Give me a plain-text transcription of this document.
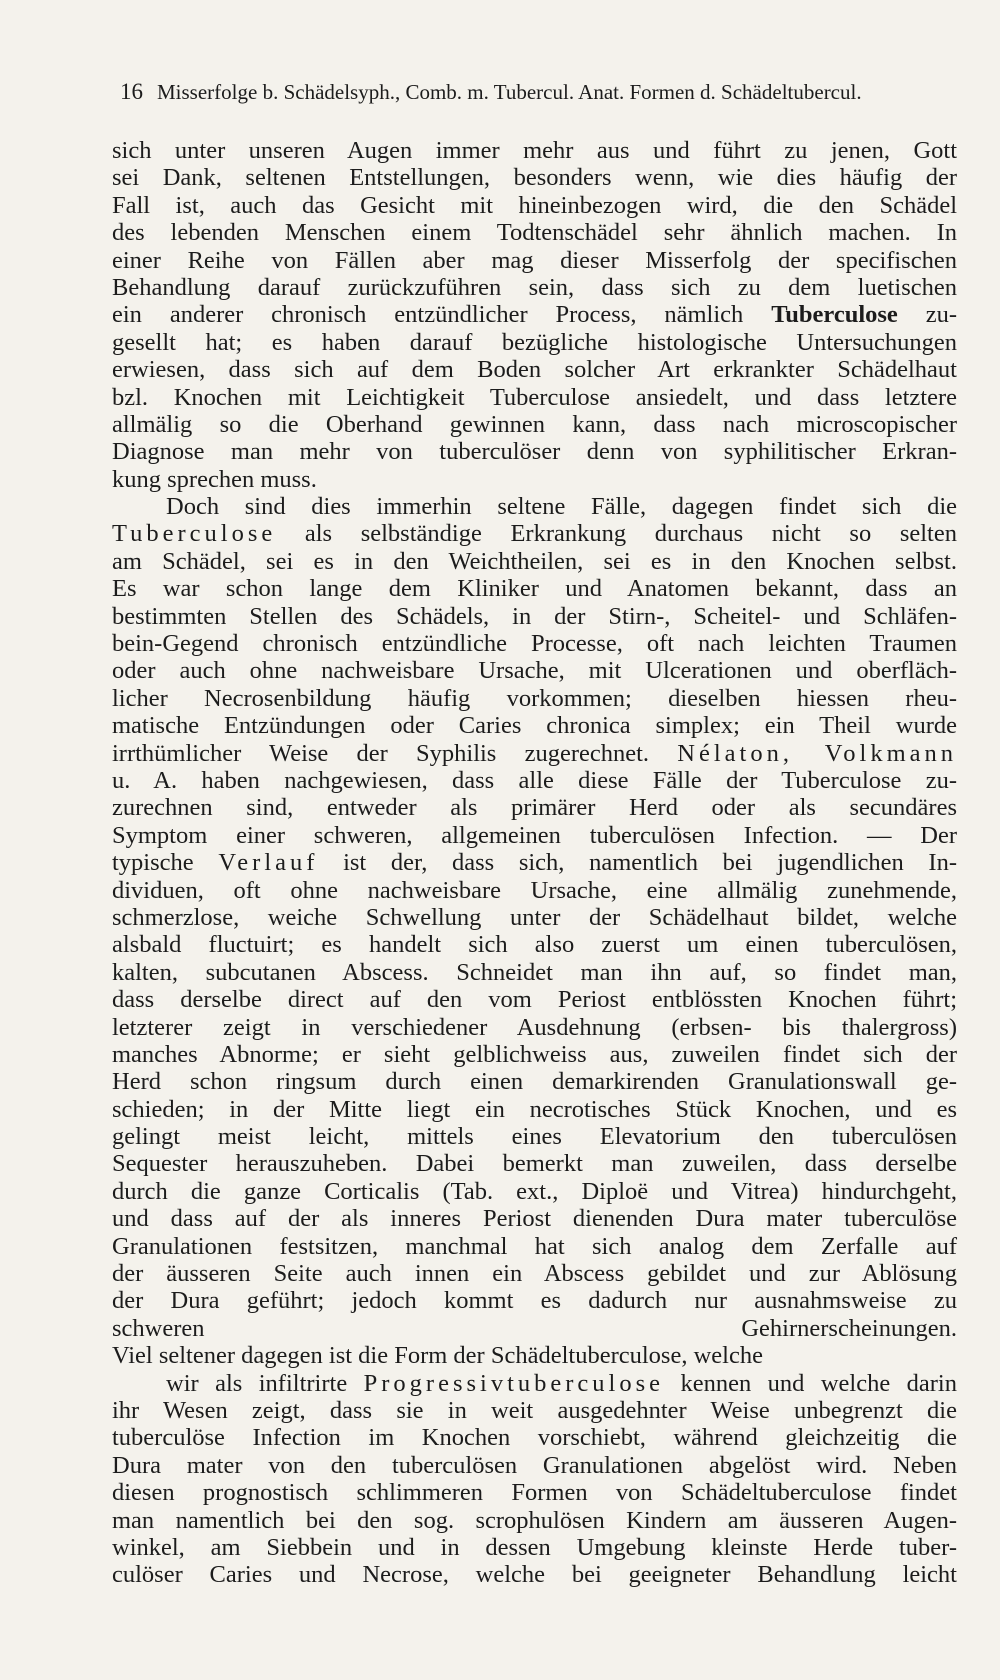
16 Misserfolge b. Schädelsyph., Comb. m. Tubercul. Anat. Formen d. Schädeltubercul.
sich unter unseren Augen immer mehr aus und führt zu jenen, Gott
sei Dank, seltenen Entstellungen, besonders wenn, wie dies häufig der
Fall ist, auch das Gesicht mit hineinbezogen wird, die den Schädel
des lebenden Menschen einem Todtenschädel sehr ähnlich machen. In
einer Reihe von Fällen aber mag dieser Misserfolg der specifischen
Behandlung darauf zurückzuführen sein, dass sich zu dem luetischen
ein anderer chronisch entzündlicher Process, nämlich Tuberculose zu-
gesellt hat; es haben darauf bezügliche histologische Untersuchungen
erwiesen, dass sich auf dem Boden solcher Art erkrankter Schädelhaut
bzl. Knochen mit Leichtigkeit Tuberculose ansiedelt, und dass letztere
allmälig so die Oberhand gewinnen kann, dass nach microscopischer
Diagnose man mehr von tuberculöser denn von syphilitischer Erkran-
kung sprechen muss.
Doch sind dies immerhin seltene Fälle, dagegen findet sich die
Tuberculose als selbständige Erkrankung durchaus nicht so selten
am Schädel, sei es in den Weichtheilen, sei es in den Knochen selbst.
Es war schon lange dem Kliniker und Anatomen bekannt, dass an
bestimmten Stellen des Schädels, in der Stirn-, Scheitel- und Schläfen-
bein-Gegend chronisch entzündliche Processe, oft nach leichten Traumen
oder auch ohne nachweisbare Ursache, mit Ulcerationen und oberfläch-
licher Necrosenbildung häufig vorkommen; dieselben hiessen rheu-
matische Entzündungen oder Caries chronica simplex; ein Theil wurde
irrthümlicher Weise der Syphilis zugerechnet. Nélaton, Volkmann
u. A. haben nachgewiesen, dass alle diese Fälle der Tuberculose zu-
zurechnen sind, entweder als primärer Herd oder als secundäres
Symptom einer schweren, allgemeinen tuberculösen Infection. — Der
typische Verlauf ist der, dass sich, namentlich bei jugendlichen In-
dividuen, oft ohne nachweisbare Ursache, eine allmälig zunehmende,
schmerzlose, weiche Schwellung unter der Schädelhaut bildet, welche
alsbald fluctuirt; es handelt sich also zuerst um einen tuberculösen,
kalten, subcutanen Abscess. Schneidet man ihn auf, so findet man,
dass derselbe direct auf den vom Periost entblössten Knochen führt;
letzterer zeigt in verschiedener Ausdehnung (erbsen- bis thalergross)
manches Abnorme; er sieht gelblichweiss aus, zuweilen findet sich der
Herd schon ringsum durch einen demarkirenden Granulationswall ge-
schieden; in der Mitte liegt ein necrotisches Stück Knochen, und es
gelingt meist leicht, mittels eines Elevatorium den tuberculösen
Sequester herauszuheben. Dabei bemerkt man zuweilen, dass derselbe
durch die ganze Corticalis (Tab. ext., Diploë und Vitrea) hindurchgeht,
und dass auf der als inneres Periost dienenden Dura mater tuberculöse
Granulationen festsitzen, manchmal hat sich analog dem Zerfalle auf
der äusseren Seite auch innen ein Abscess gebildet und zur Ablösung
der Dura geführt; jedoch kommt es dadurch nur ausnahmsweise zu
schweren Gehirnerscheinungen.
Viel seltener dagegen ist die Form der Schädeltuberculose, welche
wir als infiltrirte Progressivtuberculose kennen und welche darin
ihr Wesen zeigt, dass sie in weit ausgedehnter Weise unbegrenzt die
tuberculöse Infection im Knochen vorschiebt, während gleichzeitig die
Dura mater von den tuberculösen Granulationen abgelöst wird. Neben
diesen prognostisch schlimmeren Formen von Schädeltuberculose findet
man namentlich bei den sog. scrophulösen Kindern am äusseren Augen-
winkel, am Siebbein und in dessen Umgebung kleinste Herde tuber-
culöser Caries und Necrose, welche bei geeigneter Behandlung leicht
